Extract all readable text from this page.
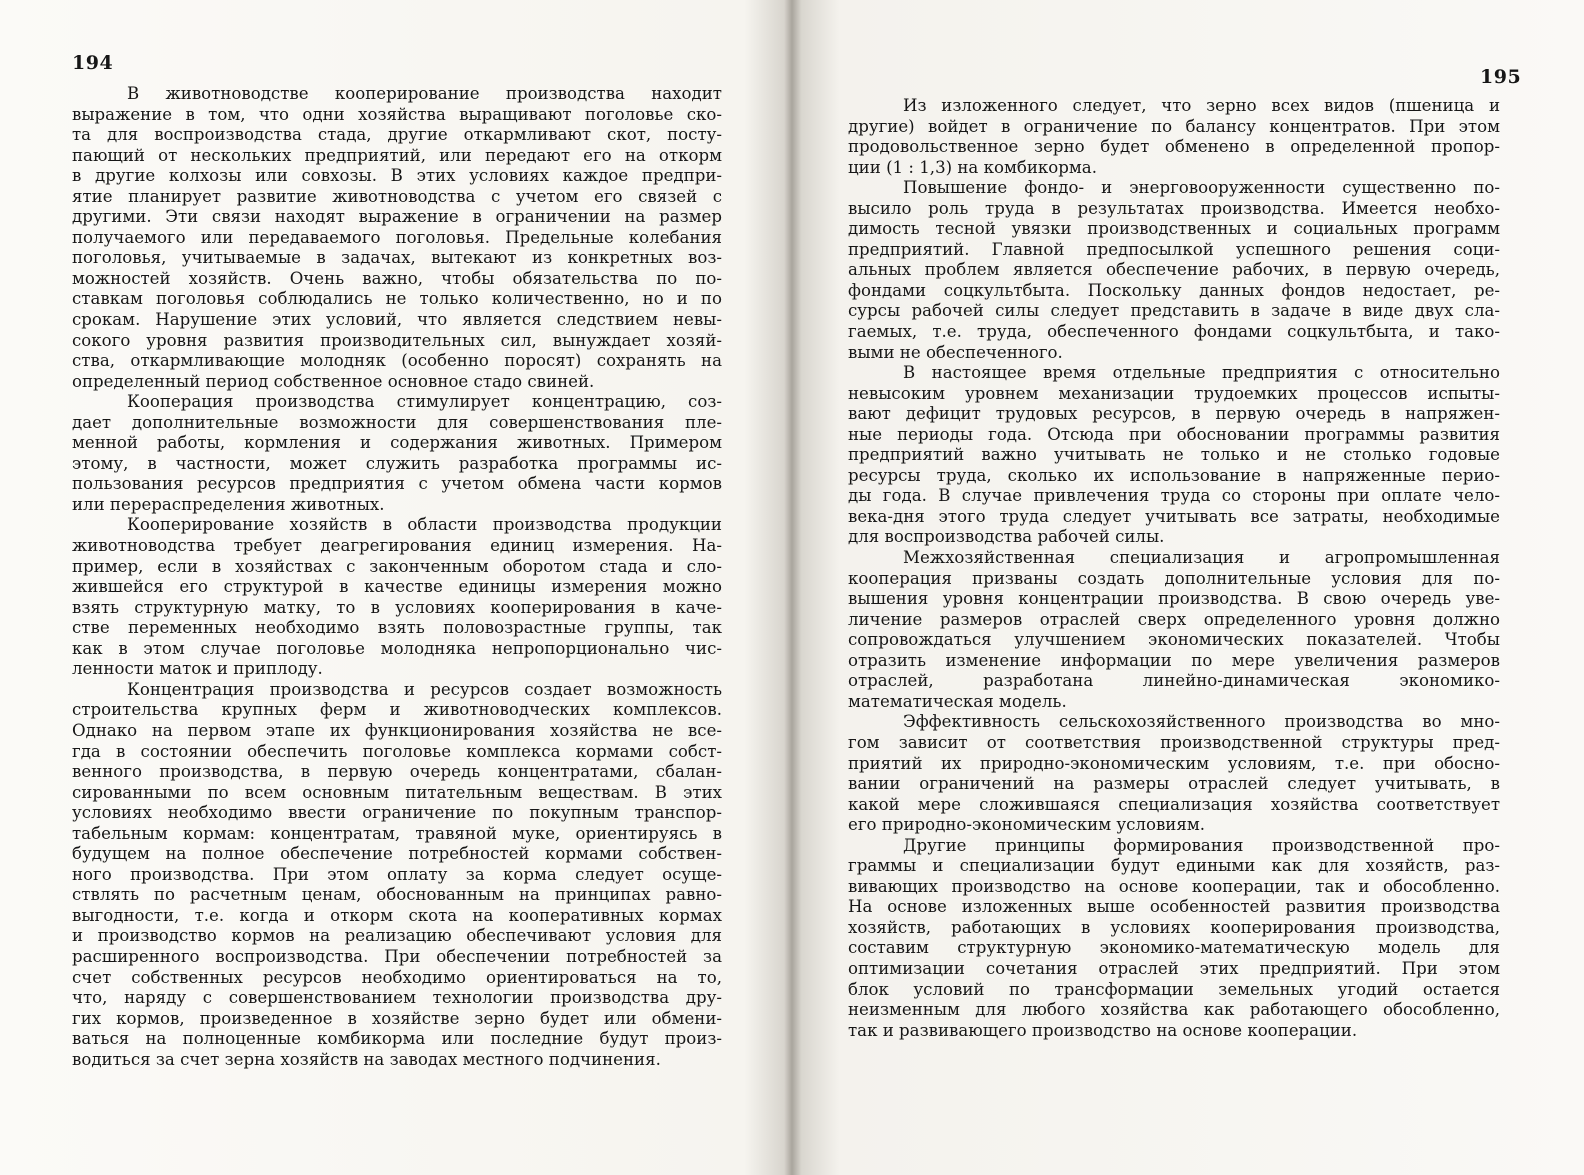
194
В животноводстве кооперирование производства находит
выражение в том, что одни хозяйства выращивают поголовье ско-
та для воспроизводства стада, другие откармливают скот, посту-
пающий от нескольких предприятий, или передают его на откорм
в другие колхозы или совхозы. В этих условиях каждое предпри-
ятие планирует развитие животноводства с учетом его связей с
другими. Эти связи находят выражение в ограничении на размер
получаемого или передаваемого поголовья. Предельные колебания
поголовья, учитываемые в задачах, вытекают из конкретных воз-
можностей хозяйств. Очень важно, чтобы обязательства по по-
ставкам поголовья соблюдались не только количественно, но и по
срокам. Нарушение этих условий, что является следствием невы-
сокого уровня развития производительных сил, вынуждает хозяй-
ства, откармливающие молодняк (особенно поросят) сохранять на
определенный период собственное основное стадо свиней.
Кооперация производства стимулирует концентрацию, соз-
дает дополнительные возможности для совершенствования пле-
менной работы, кормления и содержания животных. Примером
этому, в частности, может служить разработка программы ис-
пользования ресурсов предприятия с учетом обмена части кормов
или перераспределения животных.
Кооперирование хозяйств в области производства продукции
животноводства требует деагрегирования единиц измерения. На-
пример, если в хозяйствах с законченным оборотом стада и сло-
жившейся его структурой в качестве единицы измерения можно
взять структурную матку, то в условиях кооперирования в каче-
стве переменных необходимо взять половозрастные группы, так
как в этом случае поголовье молодняка непропорционально чис-
ленности маток и приплоду.
Концентрация производства и ресурсов создает возможность
строительства крупных ферм и животноводческих комплексов.
Однако на первом этапе их функционирования хозяйства не все-
гда в состоянии обеспечить поголовье комплекса кормами собст-
венного производства, в первую очередь концентратами, сбалан-
сированными по всем основным питательным веществам. В этих
условиях необходимо ввести ограничение по покупным транспор-
табельным кормам: концентратам, травяной муке, ориентируясь в
будущем на полное обеспечение потребностей кормами собствен-
ного производства. При этом оплату за корма следует осуще-
ствлять по расчетным ценам, обоснованным на принципах равно-
выгодности, т.е. когда и откорм скота на кооперативных кормах
и производство кормов на реализацию обеспечивают условия для
расширенного воспроизводства. При обеспечении потребностей за
счет собственных ресурсов необходимо ориентироваться на то,
что, наряду с совершенствованием технологии производства дру-
гих кормов, произведенное в хозяйстве зерно будет или обмени-
ваться на полноценные комбикорма или последние будут произ-
водиться за счет зерна хозяйств на заводах местного подчинения.
195
Из изложенного следует, что зерно всех видов (пшеница и
другие) войдет в ограничение по балансу концентратов. При этом
продовольственное зерно будет обменено в определенной пропор-
ции (1 : 1,3) на комбикорма.
Повышение фондо- и энерговооруженности существенно по-
высило роль труда в результатах производства. Имеется необхо-
димость тесной увязки производственных и социальных программ
предприятий. Главной предпосылкой успешного решения соци-
альных проблем является обеспечение рабочих, в первую очередь,
фондами соцкультбыта. Поскольку данных фондов недостает, ре-
сурсы рабочей силы следует представить в задаче в виде двух сла-
гаемых, т.е. труда, обеспеченного фондами соцкультбыта, и тако-
выми не обеспеченного.
В настоящее время отдельные предприятия с относительно
невысоким уровнем механизации трудоемких процессов испыты-
вают дефицит трудовых ресурсов, в первую очередь в напряжен-
ные периоды года. Отсюда при обосновании программы развития
предприятий важно учитывать не только и не столько годовые
ресурсы труда, сколько их использование в напряженные перио-
ды года. В случае привлечения труда со стороны при оплате чело-
века-дня этого труда следует учитывать все затраты, необходимые
для воспроизводства рабочей силы.
Межхозяйственная специализация и агропромышленная
кооперация призваны создать дополнительные условия для по-
вышения уровня концентрации производства. В свою очередь уве-
личение размеров отраслей сверх определенного уровня должно
сопровождаться улучшением экономических показателей. Чтобы
отразить изменение информации по мере увеличения размеров
отраслей, разработана линейно-динамическая экономико-
математическая модель.
Эффективность сельскохозяйственного производства во мно-
гом зависит от соответствия производственной структуры пред-
приятий их природно-экономическим условиям, т.е. при обосно-
вании ограничений на размеры отраслей следует учитывать, в
какой мере сложившаяся специализация хозяйства соответствует
его природно-экономическим условиям.
Другие принципы формирования производственной про-
граммы и специализации будут едиными как для хозяйств, раз-
вивающих производство на основе кооперации, так и обособленно.
На основе изложенных выше особенностей развития производства
хозяйств, работающих в условиях кооперирования производства,
составим структурную экономико-математическую модель для
оптимизации сочетания отраслей этих предприятий. При этом
блок условий по трансформации земельных угодий остается
неизменным для любого хозяйства как работающего обособленно,
так и развивающего производство на основе кооперации.
